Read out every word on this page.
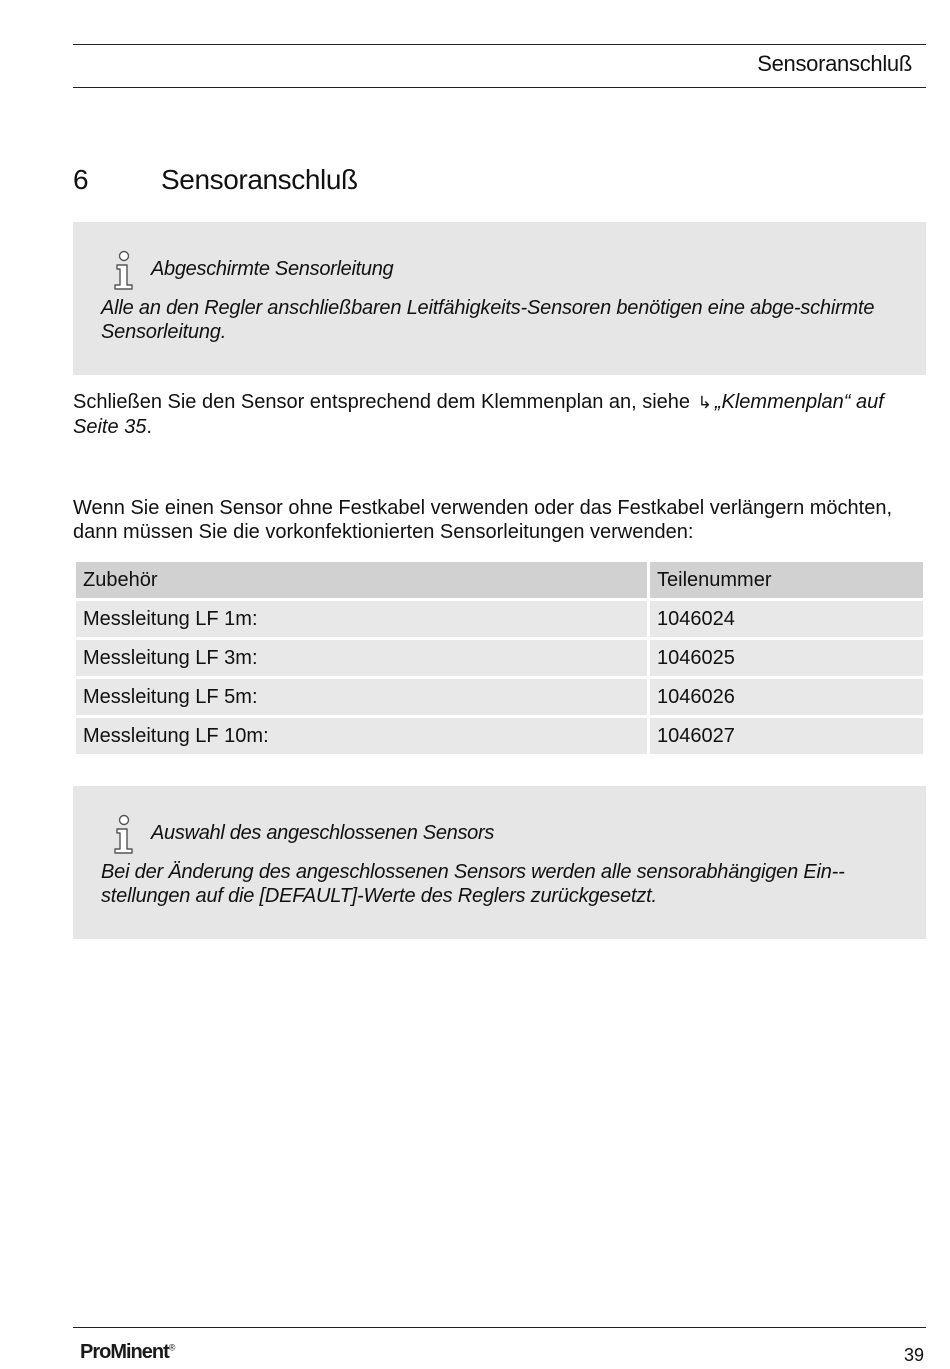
Sensoranschluß
6	Sensoranschluß
Abgeschirmte Sensorleitung
Alle an den Regler anschließbaren Leitfähigkeits-Sensoren benötigen eine abge-schirmte Sensorleitung.
Schließen Sie den Sensor entsprechend dem Klemmenplan an, siehe ↳ „Klemmenplan“ auf Seite 35.
Wenn Sie einen Sensor ohne Festkabel verwenden oder das Festkabel verlängern möchten, dann müssen Sie die vorkonfektionierten Sensorleitungen verwenden:
Zubehör	Teilenummer
Messleitung LF 1m:	1046024
Messleitung LF 3m:	1046025
Messleitung LF 5m:	1046026
Messleitung LF 10m:	1046027
Auswahl des angeschlossenen Sensors
Bei der Änderung des angeschlossenen Sensors werden alle sensorabhängigen Ein-stellungen auf die [DEFAULT]-Werte des Reglers zurückgesetzt.
ProMinent®	39
